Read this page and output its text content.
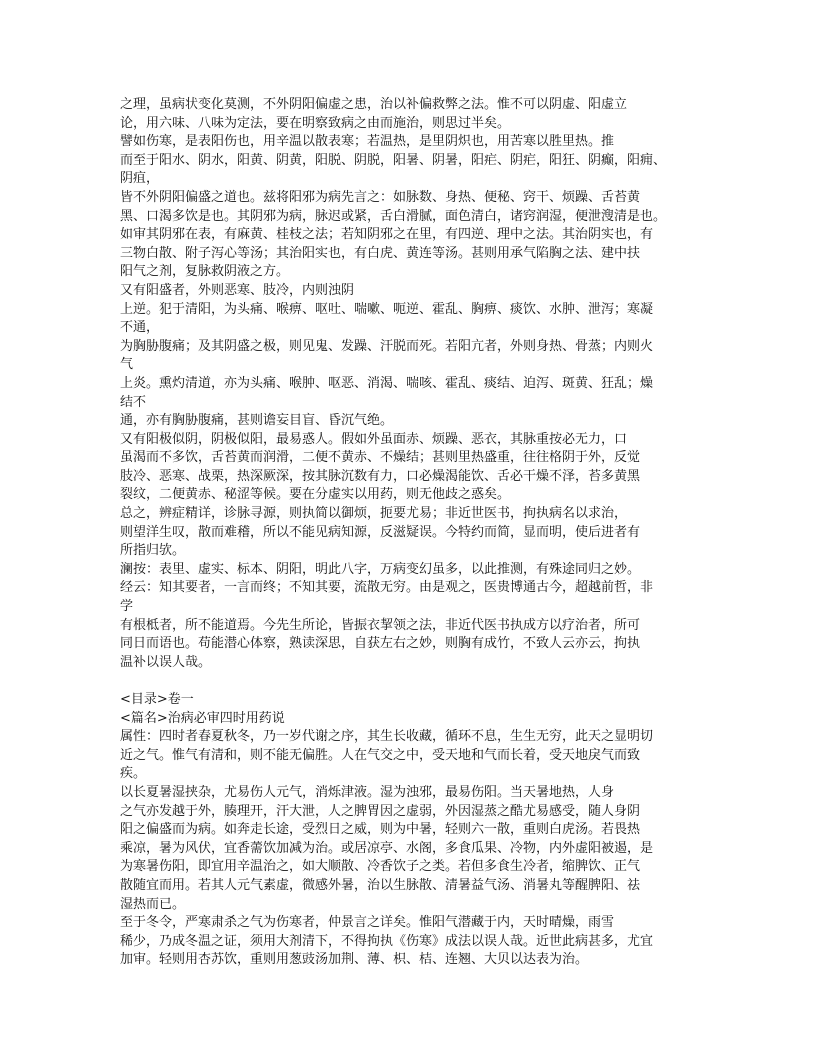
之理，虽病状变化莫测，不外阴阳偏虚之患，治以补偏救弊之法。惟不可以阴虚、阳虚立
论，用六味、八味为定法，要在明察致病之由而施治，则思过半矣。
譬如伤寒，是表阳伤也，用辛温以散表寒；若温热，是里阴炽也，用苦寒以胜里热。推
而至于阳水、阴水，阳黄、阴黄，阳脱、阴脱，阳暑、阴暑，阳疟、阴疟，阳狂、阴癫，阳痈、
阴疽，
皆不外阴阳偏盛之道也。兹将阳邪为病先言之：如脉数、身热、便秘、窍干、烦躁、舌苔黄
黑、口渴多饮是也。其阴邪为病，脉迟或紧，舌白滑腻，面色清白，诸窍润湿，便泄溲清是也。
如审其阴邪在表，有麻黄、桂枝之法；若知阴邪之在里，有四逆、理中之法。其治阴实也，有
三物白散、附子泻心等汤；其治阳实也，有白虎、黄连等汤。甚则用承气陷胸之法、建中扶
阳气之剂，复脉救阴液之方。
又有阳盛者，外则恶寒、肢冷，内则浊阴
上逆。犯于清阳，为头痛、喉痹、呕吐、喘嗽、呃逆、霍乱、胸痹、痰饮、水肿、泄泻；寒凝
不通，
为胸胁腹痛；及其阴盛之极，则见鬼、发躁、汗脱而死。若阳亢者，外则身热、骨蒸；内则火
气
上炎。熏灼清道，亦为头痛、喉肿、呕恶、消渴、喘咳、霍乱、痰结、迫泻、斑黄、狂乱；燥
结不
通，亦有胸胁腹痛，甚则谵妄目盲、昏沉气绝。
又有阳极似阴，阴极似阳，最易惑人。假如外虽面赤、烦躁、恶衣，其脉重按必无力，口
虽渴而不多饮，舌苔黄而润滑，二便不黄赤、不燥结；甚则里热盛重，往往格阴于外，反觉
肢冷、恶寒、战栗，热深厥深，按其脉沉数有力，口必燥渴能饮、舌必干燥不泽，苔多黄黑
裂纹，二便黄赤、秘涩等候。要在分虚实以用药，则无他歧之惑矣。
总之，辨症精详，诊脉寻源，则执简以御烦，扼要尤易；非近世医书，拘执病名以求治，
则望洋生叹，散而难稽，所以不能见病知源，反滋疑误。今特约而简，显而明，使后进者有
所指归欤。
澜按：表里、虚实、标本、阴阳，明此八字，万病变幻虽多，以此推测，有殊途同归之妙。
经云：知其要者，一言而终；不知其要，流散无穷。由是观之，医贵博通古今，超越前哲，非
学
有根柢者，所不能道焉。今先生所论，皆振衣挈领之法，非近代医书执成方以疗治者，所可
同日而语也。苟能潜心体察，熟读深思，自获左右之妙，则胸有成竹，不致人云亦云，拘执
温补以误人哉。
<目录>卷一
<篇名>治病必审四时用药说
属性：四时者春夏秋冬，乃一岁代谢之序，其生长收藏，循环不息，生生无穷，此天之显明切
近之气。惟气有清和，则不能无偏胜。人在气交之中，受天地和气而长着，受天地戾气而致
疾。
以长夏暑湿挟杂，尤易伤人元气，消烁津液。湿为浊邪，最易伤阳。当天暑地热，人身
之气亦发越于外，腠理开，汗大泄，人之脾胃因之虚弱，外因湿蒸之酷尤易感受，随人身阴
阳之偏盛而为病。如奔走长途，受烈日之威，则为中暑，轻则六一散，重则白虎汤。若畏热
乘凉，暑为风伏，宜香薷饮加减为治。或居凉亭、水阁，多食瓜果、冷物，内外虚阳被遏，是
为寒暑伤阳，即宜用辛温治之，如大顺散、冷香饮子之类。若但多食生冷者，缩脾饮、正气
散随宜而用。若其人元气素虚，微感外暑，治以生脉散、清暑益气汤、消暑丸等醒脾阳、祛
湿热而已。
至于冬令，严寒肃杀之气为伤寒者，仲景言之详矣。惟阳气潜藏于内，天时晴燥，雨雪
稀少，乃成冬温之证，须用大剂清下，不得拘执《伤寒》成法以误人哉。近世此病甚多，尤宜
加审。轻则用杏苏饮，重则用葱豉汤加荆、薄、枳、桔、连翘、大贝以达表为治。
